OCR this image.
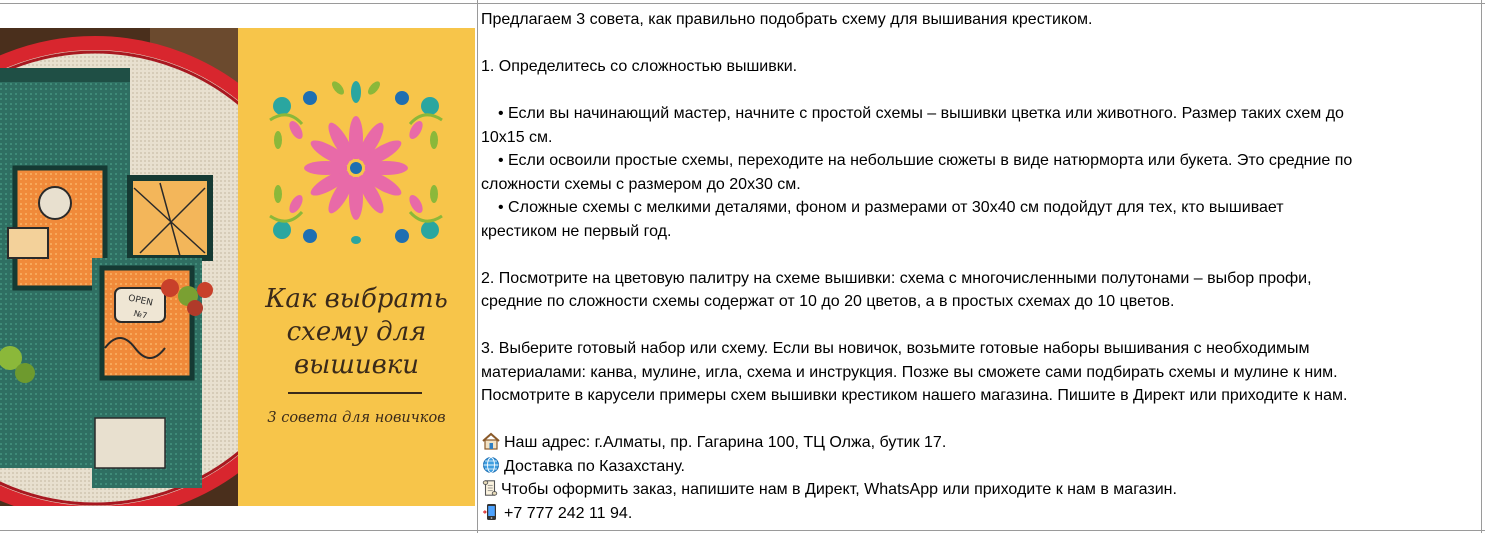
OPEN
№7
Как выбрать
схему для
вышивки
3 совета для новичков
Предлагаем 3 совета, как правильно подобрать схему для вышивания крестиком.
1. Определитесь со сложностью вышивки.
• Если вы начинающий мастер, начните с простой схемы – вышивки цветка или животного. Размер таких схем до
10x15 см.
• Если освоили простые схемы, переходите на небольшие сюжеты в виде натюрморта или букета. Это средние по
сложности схемы с размером до 20x30 см.
• Сложные схемы с мелкими деталями, фоном и размерами от 30x40 см подойдут для тех, кто вышивает
крестиком не первый год.
2. Посмотрите на цветовую палитру на схеме вышивки: схема с многочисленными полутонами – выбор профи,
средние по сложности схемы содержат от 10 до 20 цветов, а в простых схемах до 10 цветов.
3. Выберите готовый набор или схему. Если вы новичок, возьмите готовые наборы вышивания с необходимым
материалами: канва, мулине, игла, схема и инструкция. Позже вы сможете сами подбирать схемы и мулине к ним.
Посмотрите в карусели примеры схем вышивки крестиком нашего магазина. Пишите в Директ или приходите к нам.
Наш адрес: г.Алматы, пр. Гагарина 100, ТЦ Олжа, бутик 17.
Доставка по Казахстану.
Чтобы оформить заказ, напишите нам в Директ, WhatsApp или приходите к нам в магазин.
+7 777 242 11 94.
